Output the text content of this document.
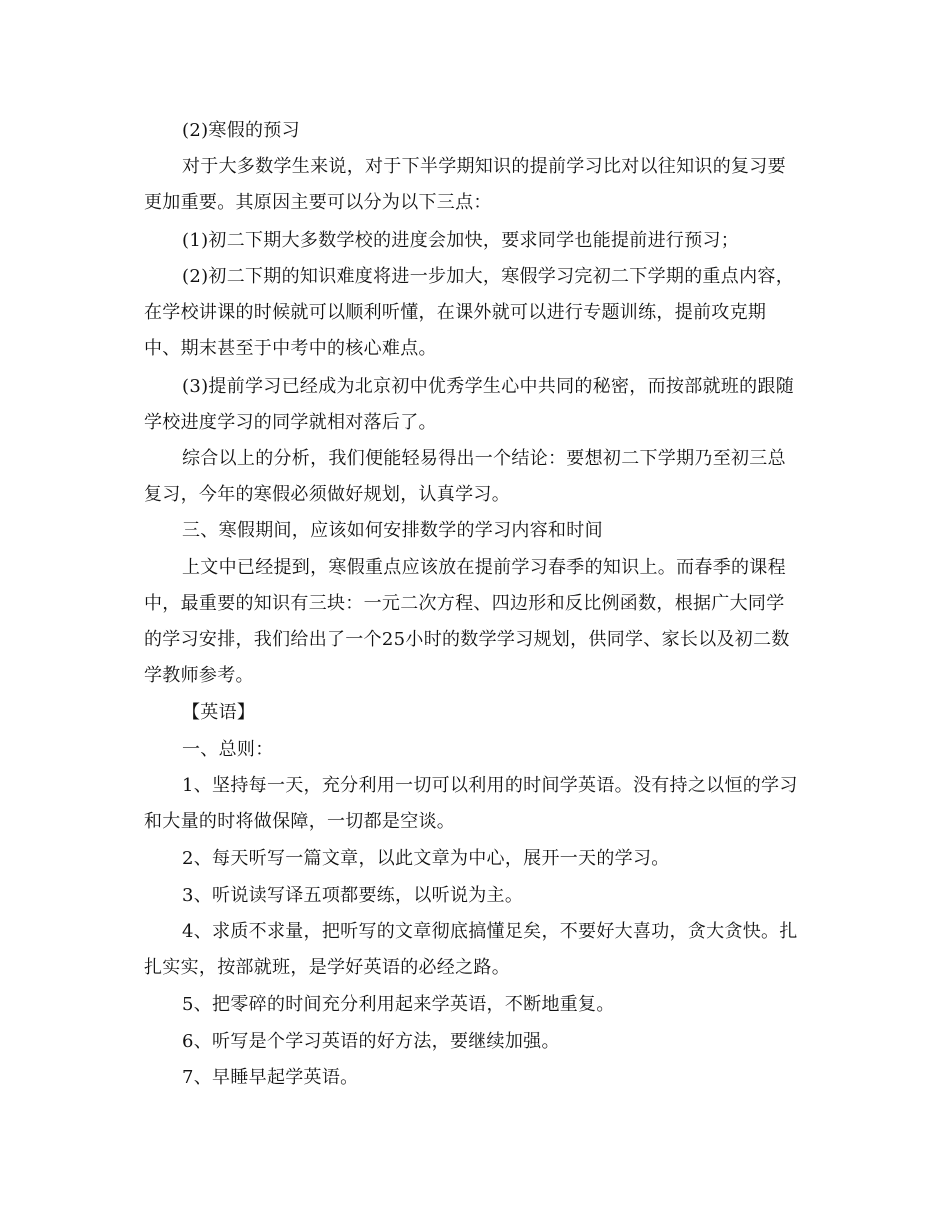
(2)寒假的预习
对于大多数学生来说，对于下半学期知识的提前学习比对以往知识的复习要
更加重要。其原因主要可以分为以下三点：
(1)初二下期大多数学校的进度会加快，要求同学也能提前进行预习；
(2)初二下期的知识难度将进一步加大，寒假学习完初二下学期的重点内容，
在学校讲课的时候就可以顺利听懂，在课外就可以进行专题训练，提前攻克期
中、期末甚至于中考中的核心难点。
(3)提前学习已经成为北京初中优秀学生心中共同的秘密，而按部就班的跟随
学校进度学习的同学就相对落后了。
综合以上的分析，我们便能轻易得出一个结论：要想初二下学期乃至初三总
复习，今年的寒假必须做好规划，认真学习。
三、寒假期间，应该如何安排数学的学习内容和时间
上文中已经提到，寒假重点应该放在提前学习春季的知识上。而春季的课程
中，最重要的知识有三块：一元二次方程、四边形和反比例函数，根据广大同学
的学习安排，我们给出了一个25小时的数学学习规划，供同学、家长以及初二数
学教师参考。
【英语】
一、总则：
1、坚持每一天，充分利用一切可以利用的时间学英语。没有持之以恒的学习
和大量的时将做保障，一切都是空谈。
2、每天听写一篇文章，以此文章为中心，展开一天的学习。
3、听说读写译五项都要练，以听说为主。
4、求质不求量，把听写的文章彻底搞懂足矣，不要好大喜功，贪大贪快。扎
扎实实，按部就班，是学好英语的必经之路。
5、把零碎的时间充分利用起来学英语，不断地重复。
6、听写是个学习英语的好方法，要继续加强。
7、早睡早起学英语。
